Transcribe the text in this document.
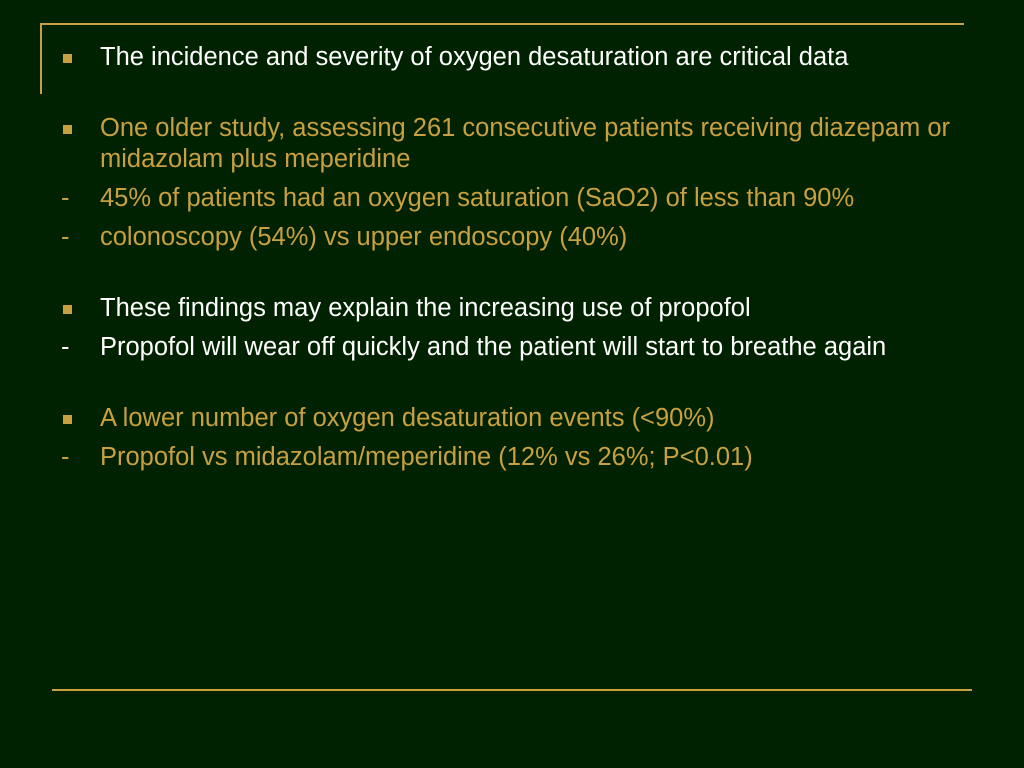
The incidence and severity of oxygen desaturation are critical data
One older study, assessing 261 consecutive patients receiving diazepam or midazolam plus meperidine
- 45% of patients had an oxygen saturation (SaO2) of less than 90%
- colonoscopy (54%) vs upper endoscopy (40%)
These findings may explain the increasing use of propofol
- Propofol will wear off quickly and the patient will start to breathe again
A lower number of oxygen desaturation events (<90%)
- Propofol vs midazolam/meperidine (12% vs 26%; P<0.01)
